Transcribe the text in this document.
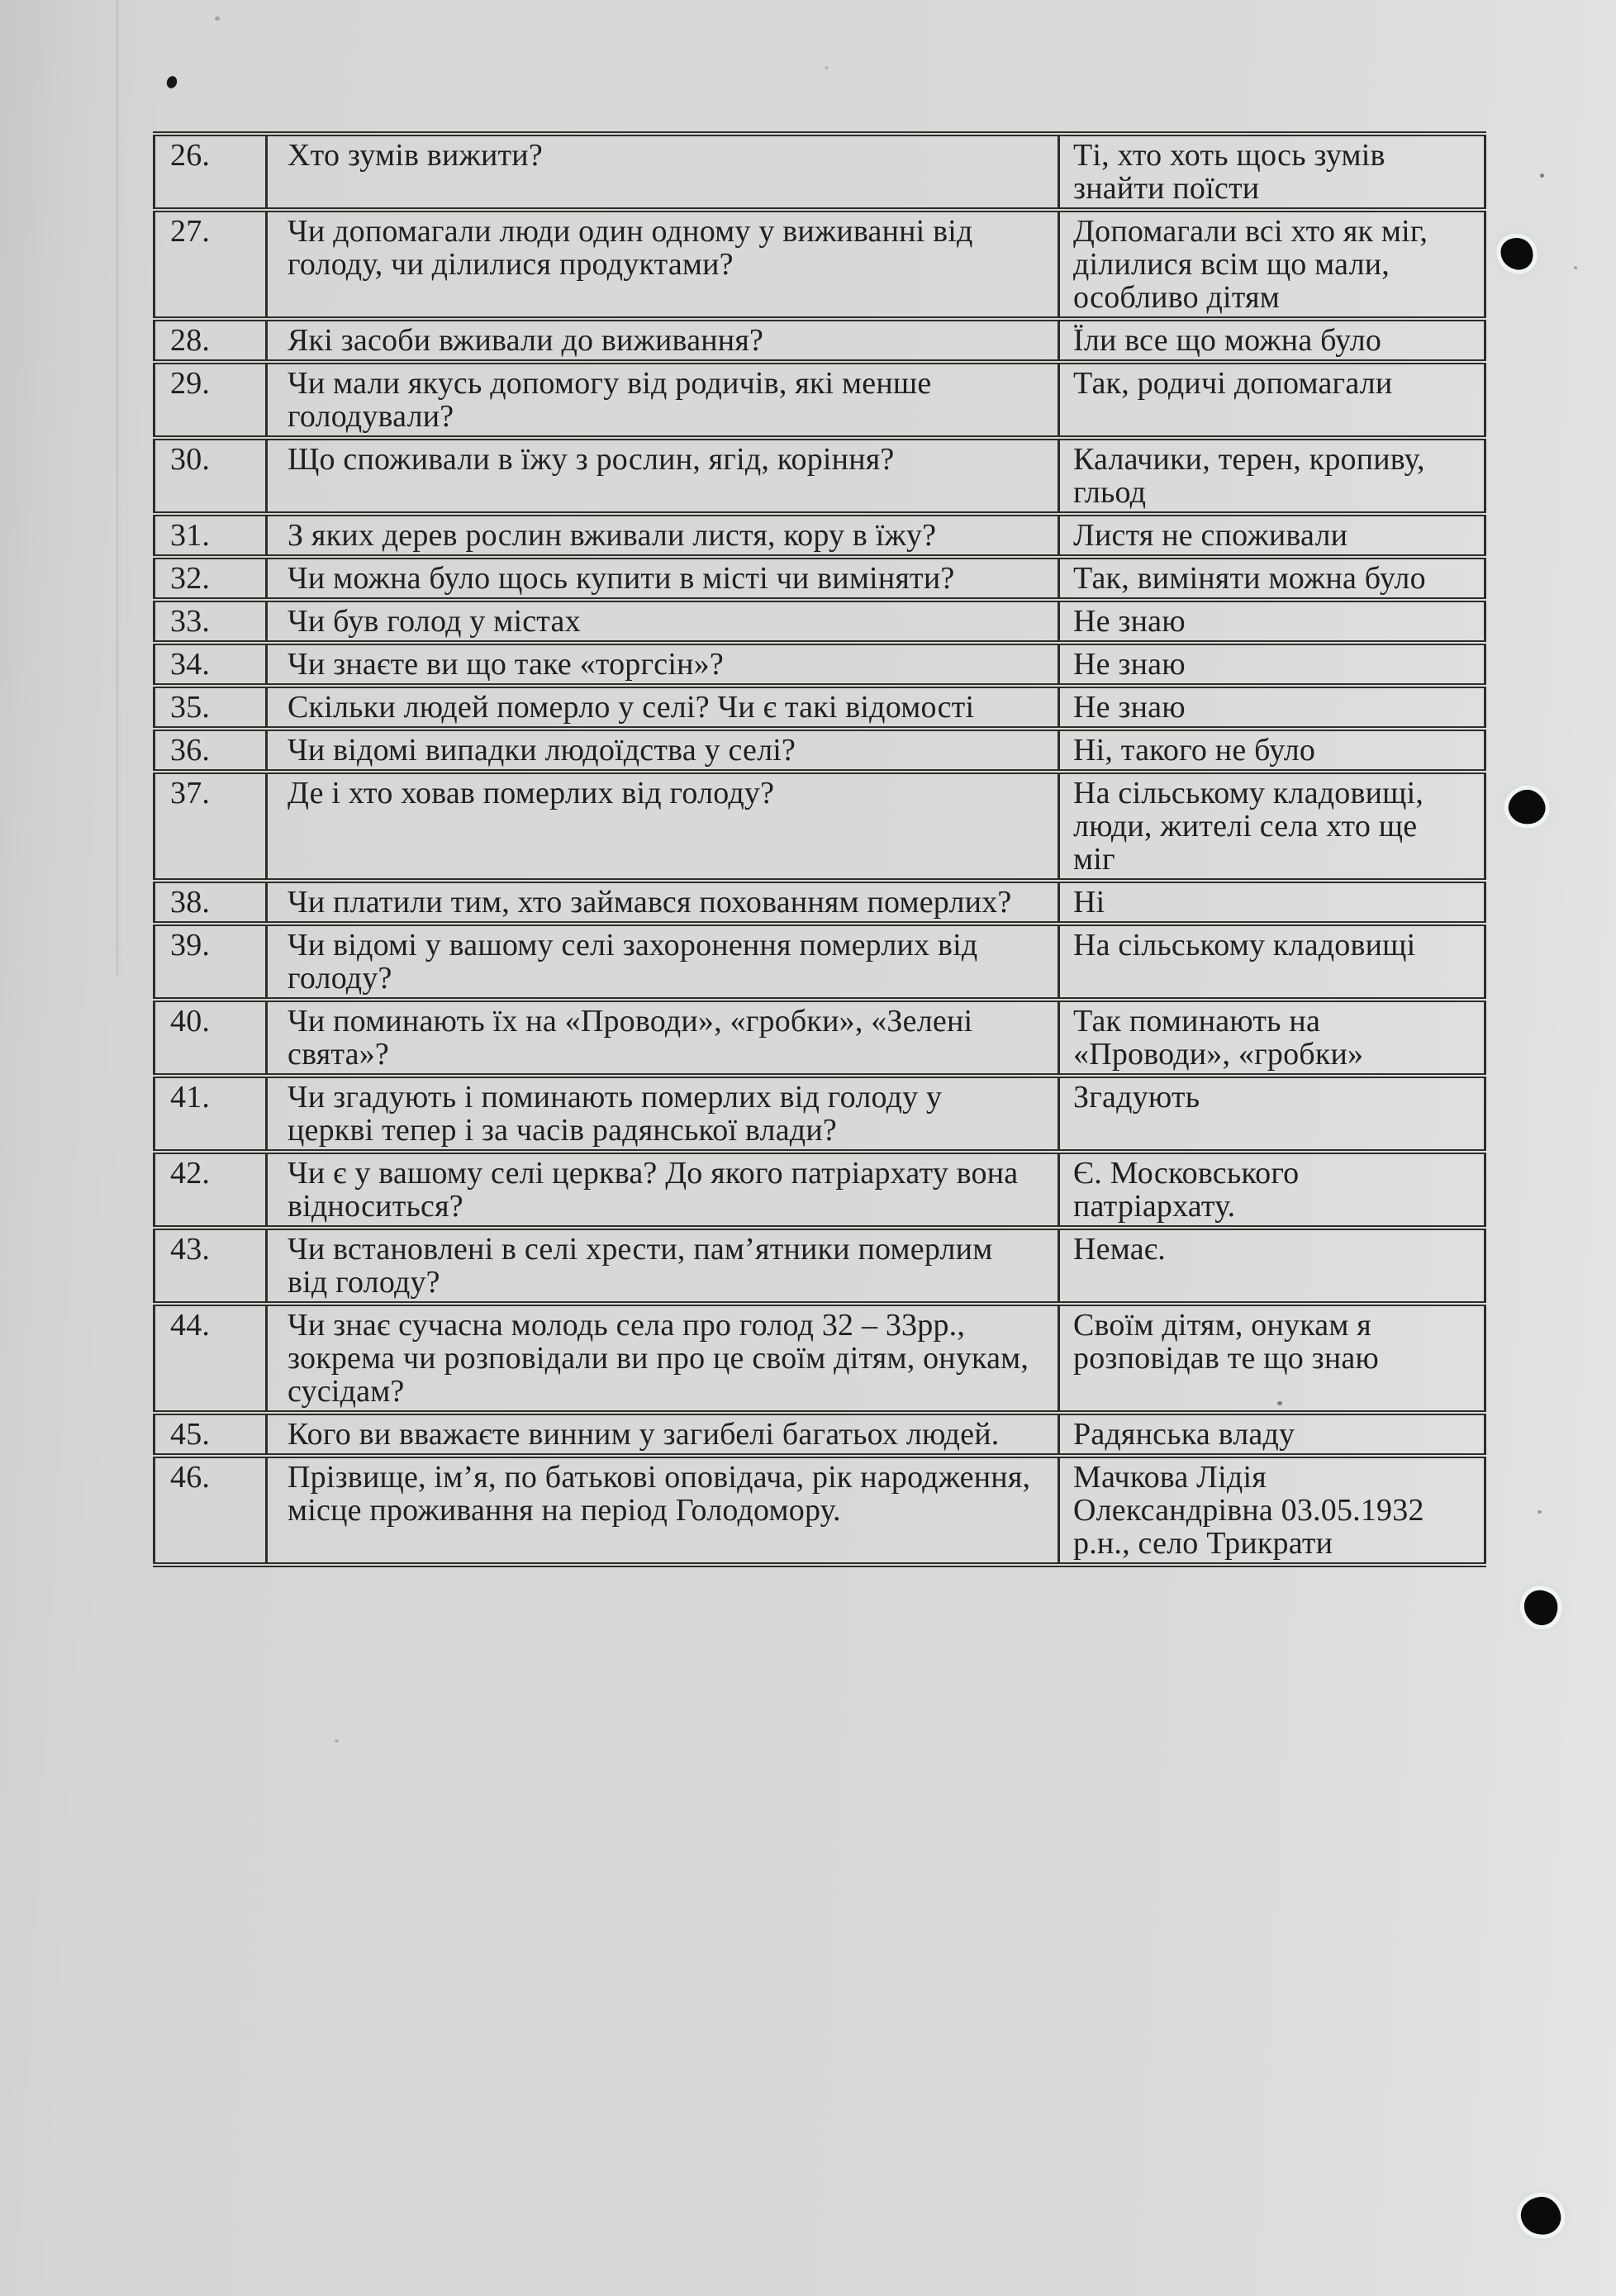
26.	Хто зумів вижити?	Ті, хто хоть щось зумів знайти поїсти
27.	Чи допомагали люди один одному у виживанні від голоду, чи ділилися продуктами?	Допомагали всі хто як міг, ділилися всім що мали, особливо дітям
28.	Які засоби вживали до виживання?	Їли все що можна було
29.	Чи мали якусь допомогу від родичів, які менше голодували?	Так, родичі допомагали
30.	Що споживали в їжу з рослин, ягід, коріння?	Калачики, терен, кропиву, гльод
31.	З яких дерев рослин вживали листя, кору в їжу?	Листя не споживали
32.	Чи можна було щось купити в місті чи виміняти?	Так, виміняти можна було
33.	Чи був голод у містах	Не знаю
34.	Чи знаєте ви що таке «торгсін»?	Не знаю
35.	Скільки людей померло у селі? Чи є такі відомості	Не знаю
36.	Чи відомі випадки людоїдства у селі?	Ні, такого не було
37.	Де і хто ховав померлих від голоду?	На сільському кладовищі, люди, жителі села хто ще міг
38.	Чи платили тим, хто займався похованням померлих?	Ні
39.	Чи відомі у вашому селі захоронення померлих від голоду?	На сільському кладовищі
40.	Чи поминають їх на «Проводи», «гробки», «Зелені свята»?	Так поминають на «Проводи», «гробки»
41.	Чи згадують і поминають померлих від голоду у церкві тепер і за часів радянської влади?	Згадують
42.	Чи є у вашому селі церква? До якого патріархату вона відноситься?	Є. Московського патріархату.
43.	Чи встановлені в селі хрести, пам’ятники померлим від голоду?	Немає.
44.	Чи знає сучасна молодь села про голод 32 – 33рр., зокрема чи розповідали ви про це своїм дітям, онукам, сусідам?	Своїм дітям, онукам я розповідав те що знаю
45.	Кого ви вважаєте винним у загибелі багатьох людей.	Радянська владу
46.	Прізвище, ім’я, по батькові оповідача, рік народження, місце проживання на період Голодомору.	Мачкова Лідія Олександрівна 03.05.1932 р.н., село Трикрати
